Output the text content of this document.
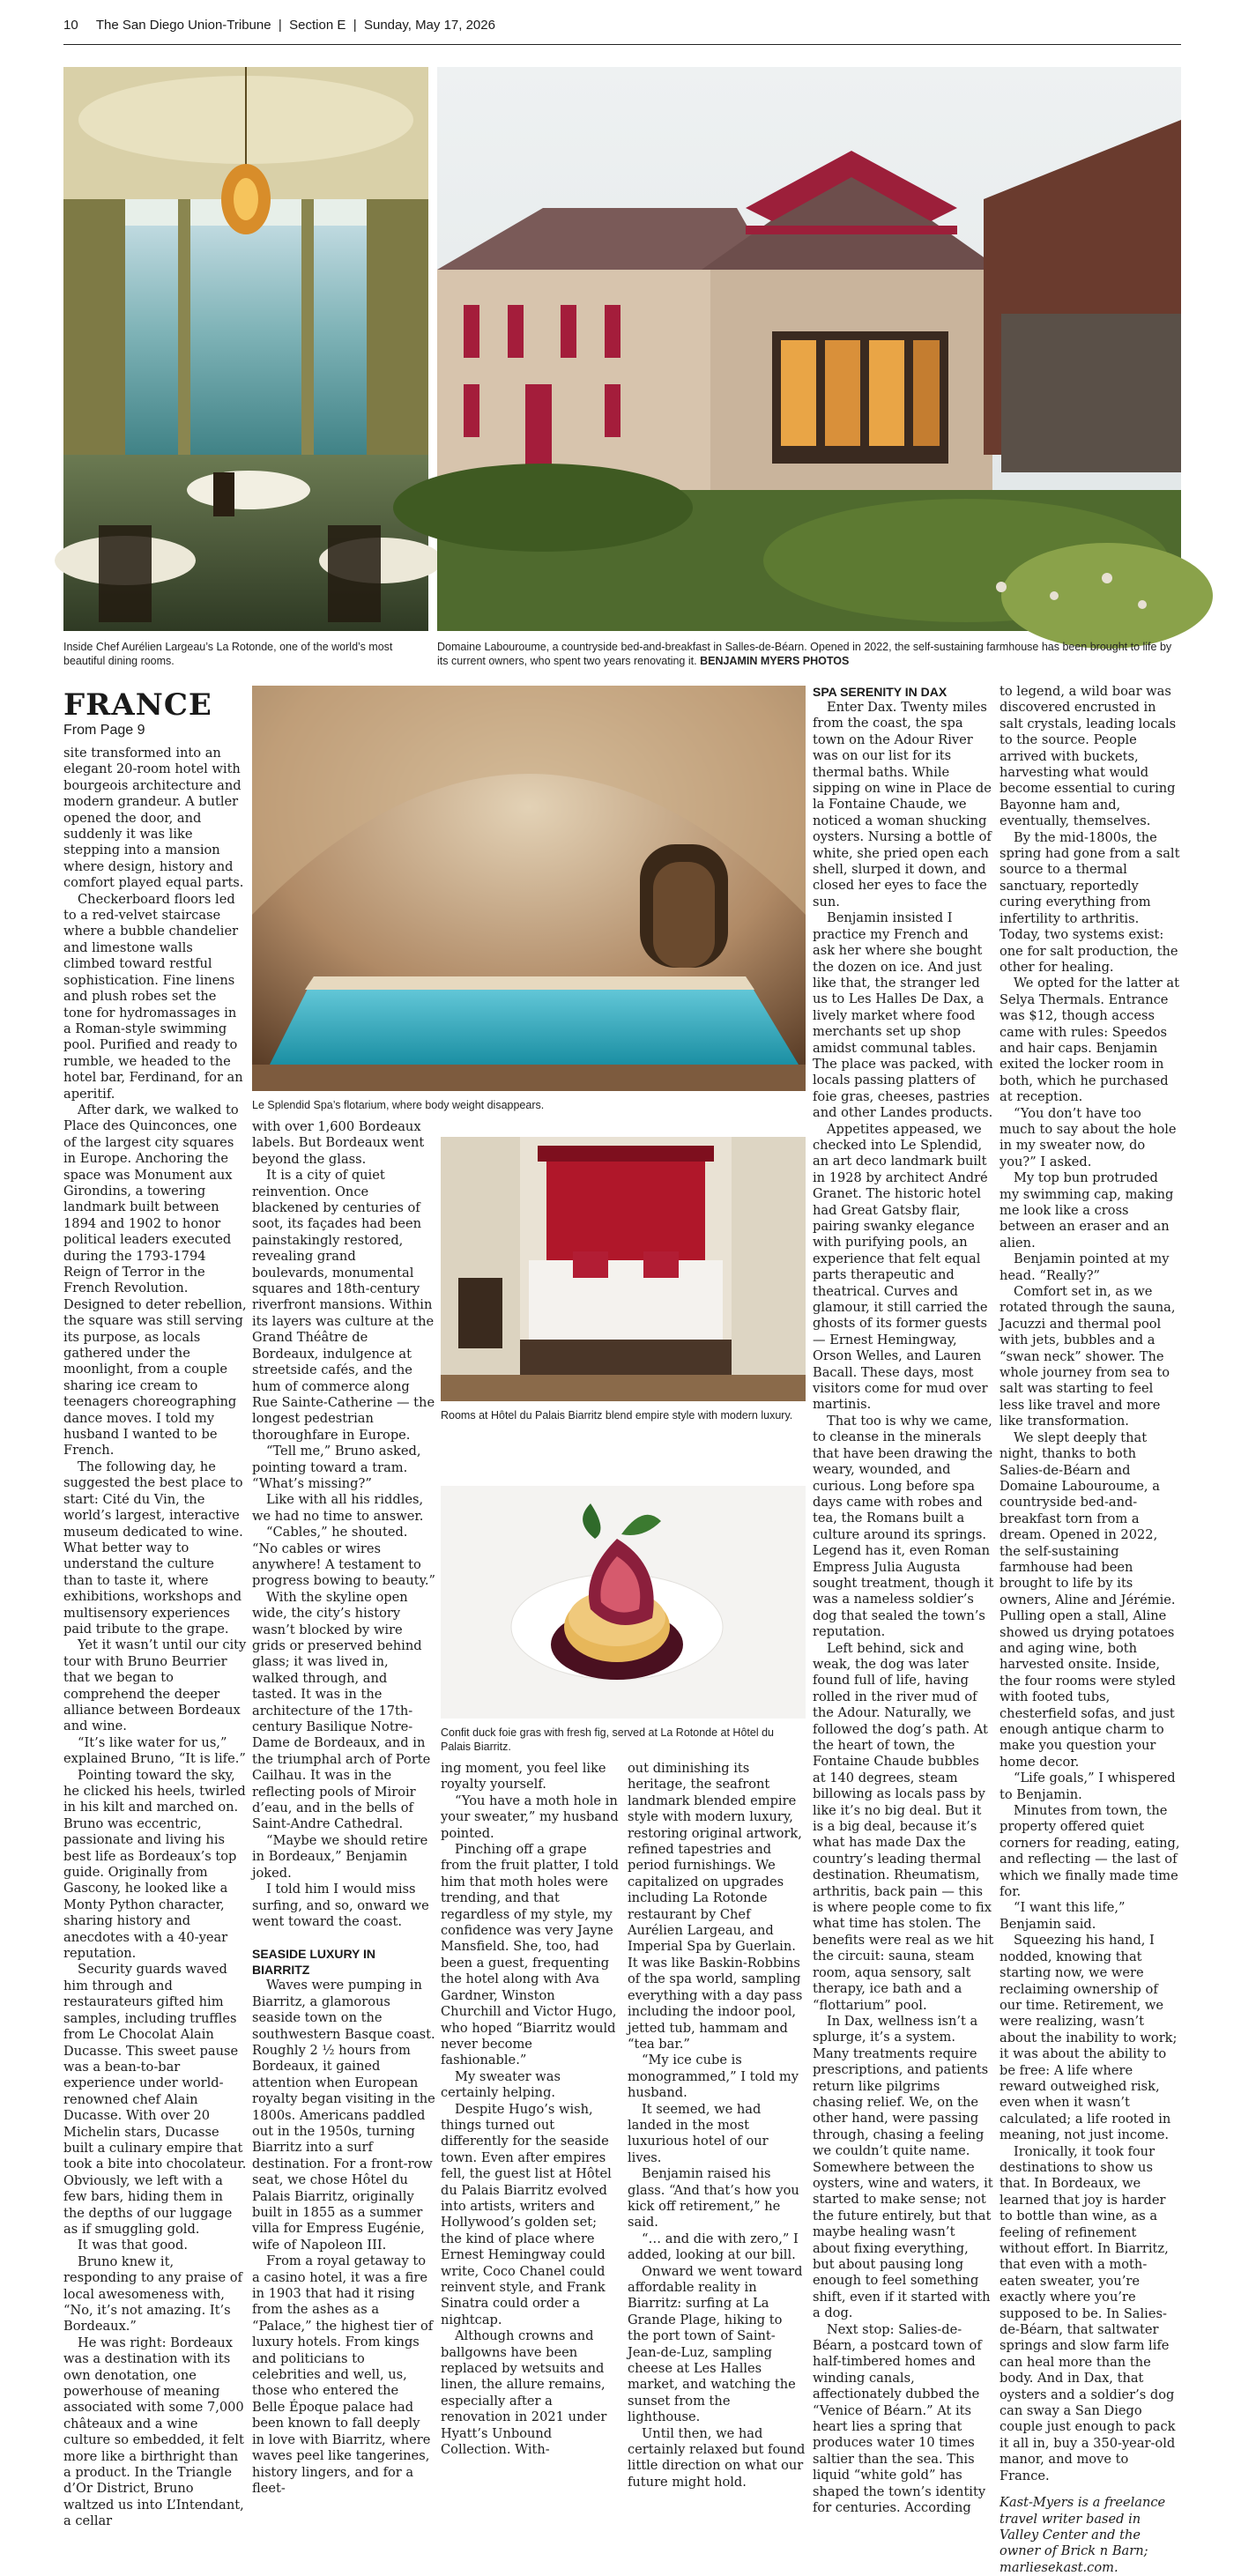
10 The San Diego Union-Tribune  |  Section E  |  Sunday, May 17, 2026
Inside Chef Aurélien Largeau’s La Rotonde, one of the world’s most beautiful dining rooms.
Domaine Labouroume, a countryside bed-and-breakfast in Salles-de-Béarn. Opened in 2022, the self-sustaining farmhouse has been brought to life by its current owners, who spent two years renovating it. BENJAMIN MYERS PHOTOS
FRANCE
From Page 9

site transformed into an elegant 20-room hotel with bourgeois architecture and modern grandeur. A butler opened the door, and suddenly it was like stepping into a mansion where design, history and comfort played equal parts.

Checkerboard floors led to a red-velvet staircase where a bubble chandelier and limestone walls climbed toward restful sophistication. Fine linens and plush robes set the tone for hydromassages in a Roman-style swimming pool. Purified and ready to rumble, we headed to the hotel bar, Ferdinand, for an aperitif.

After dark, we walked to Place des Quinconces, one of the largest city squares in Europe. Anchoring the space was Monument aux Girondins, a towering landmark built between 1894 and 1902 to honor political leaders executed during the 1793-1794 Reign of Terror in the French Revolution. Designed to deter rebellion, the square was still serving its purpose, as locals gathered under the moonlight, from a couple sharing ice cream to teenagers choreographing dance moves. I told my husband I wanted to be French.

The following day, he suggested the best place to start: Cité du Vin, the world’s largest, interactive museum dedicated to wine. What better way to understand the culture than to taste it, where exhibitions, workshops and multisensory experiences paid tribute to the grape.

Yet it wasn’t until our city tour with Bruno Beurrier that we began to comprehend the deeper alliance between Bordeaux and wine.

“It’s like water for us,” explained Bruno, “It is life.”

Pointing toward the sky, he clicked his heels, twirled in his kilt and marched on. Bruno was eccentric, passionate and living his best life as Bordeaux’s top guide. Originally from Gascony, he looked like a Monty Python character, sharing history and anecdotes with a 40-year reputation.

Security guards waved him through and restaurateurs gifted him samples, including truffles from Le Chocolat Alain Ducasse. This sweet pause was a bean-to-bar experience under world-renowned chef Alain Ducasse. With over 20 Michelin stars, Ducasse built a culinary empire that took a bite into chocolateur. Obviously, we left with a few bars, hiding them in the depths of our luggage as if smuggling gold.

It was that good.

Bruno knew it, responding to any praise of local awesomeness with, “No, it’s not amazing. It’s Bordeaux.”

He was right: Bordeaux was a destination with its own denotation, one powerhouse of meaning associated with some 7,000 châteaux and a wine culture so embedded, it felt more like a birthright than a product. In the Triangle d’Or District, Bruno waltzed us into L’Intendant, a cellar

Le Splendid Spa’s flotarium, where body weight disappears.

with over 1,600 Bordeaux labels. But Bordeaux went beyond the glass.

It is a city of quiet reinvention. Once blackened by centuries of soot, its façades had been painstakingly restored, revealing grand boulevards, monumental squares and 18th-century riverfront mansions. Within its layers was culture at the Grand Théâtre de Bordeaux, indulgence at streetside cafés, and the hum of commerce along Rue Sainte-Catherine — the longest pedestrian thoroughfare in Europe.

“Tell me,” Bruno asked, pointing toward a tram. “What’s missing?”

Like with all his riddles, we had no time to answer.

“Cables,” he shouted. “No cables or wires anywhere! A testament to progress bowing to beauty.”

With the skyline open wide, the city’s history wasn’t blocked by wire grids or preserved behind glass; it was lived in, walked through, and tasted. It was in the architecture of the 17th-century Basilique Notre-Dame de Bordeaux, and in the triumphal arch of Porte Cailhau. It was in the reflecting pools of Miroir d’eau, and in the bells of Saint-Andre Cathedral.

“Maybe we should retire in Bordeaux,” Benjamin joked.

I told him I would miss surfing, and so, onward we went toward the coast.

SEASIDE LUXURY IN BIARRITZ

Waves were pumping in Biarritz, a glamorous seaside town on the southwestern Basque coast. Roughly 2 ½ hours from Bordeaux, it gained attention when European royalty began visiting in the 1800s. Americans paddled out in the 1950s, turning Biarritz into a surf destination. For a front-row seat, we chose Hôtel du Palais Biarritz, originally built in 1855 as a summer villa for Empress Eugénie, wife of Napoleon III.

From a royal getaway to a casino hotel, it was a fire in 1903 that had it rising from the ashes as a “Palace,” the highest tier of luxury hotels. From kings and politicians to celebrities and well, us, those who entered the Belle Époque palace had been known to fall deeply in love with Biarritz, where waves peel like tangerines, history lingers, and for a fleet-

Rooms at Hôtel du Palais Biarritz blend empire style with modern luxury.
Confit duck foie gras with fresh fig, served at La Rotonde at Hôtel du Palais Biarritz.

ing moment, you feel like royalty yourself.

“You have a moth hole in your sweater,” my husband pointed.

Pinching off a grape from the fruit platter, I told him that moth holes were trending, and that regardless of my style, my confidence was very Jayne Mansfield. She, too, had been a guest, frequenting the hotel along with Ava Gardner, Winston Churchill and Victor Hugo, who hoped “Biarritz would never become fashionable.”

My sweater was certainly helping.

Despite Hugo’s wish, things turned out differently for the seaside town. Even after empires fell, the guest list at Hôtel du Palais Biarritz evolved into artists, writers and Hollywood’s golden set; the kind of place where Ernest Hemingway could write, Coco Chanel could reinvent style, and Frank Sinatra could order a nightcap.

Although crowns and ballgowns have been replaced by wetsuits and linen, the allure remains, especially after a renovation in 2021 under Hyatt’s Unbound Collection. With-

out diminishing its heritage, the seafront landmark blended empire style with modern luxury, restoring original artwork, refined tapestries and period furnishings. We capitalized on upgrades including La Rotonde restaurant by Chef Aurélien Largeau, and Imperial Spa by Guerlain. It was like Baskin-Robbins of the spa world, sampling everything with a day pass including the indoor pool, jetted tub, hammam and “tea bar.”

“My ice cube is monogrammed,” I told my husband.

It seemed, we had landed in the most luxurious hotel of our lives.

Benjamin raised his glass. “And that’s how you kick off retirement,” he said.

“… and die with zero,” I added, looking at our bill.

Onward we went toward affordable reality in Biarritz: surfing at La Grande Plage, hiking to the port town of Saint-Jean-de-Luz, sampling cheese at Les Halles market, and watching the sunset from the lighthouse.

Until then, we had certainly relaxed but found little direction on what our future might hold.

SPA SERENITY IN DAX

Enter Dax. Twenty miles from the coast, the spa town on the Adour River was on our list for its thermal baths. While sipping on wine in Place de la Fontaine Chaude, we noticed a woman shucking oysters. Nursing a bottle of white, she pried open each shell, slurped it down, and closed her eyes to face the sun.

Benjamin insisted I practice my French and ask her where she bought the dozen on ice. And just like that, the stranger led us to Les Halles De Dax, a lively market where food merchants set up shop amidst communal tables. The place was packed, with locals passing platters of foie gras, cheeses, pastries and other Landes products.

Appetites appeased, we checked into Le Splendid, an art deco landmark built in 1928 by architect André Granet. The historic hotel had Great Gatsby flair, pairing swanky elegance with purifying pools, an experience that felt equal parts therapeutic and theatrical. Curves and glamour, it still carried the ghosts of its former guests — Ernest Hemingway, Orson Welles, and Lauren Bacall. These days, most visitors come for mud over martinis.

That too is why we came, to cleanse in the minerals that have been drawing the weary, wounded, and curious. Long before spa days came with robes and tea, the Romans built a culture around its springs. Legend has it, even Roman Empress Julia Augusta sought treatment, though it was a nameless soldier’s dog that sealed the town’s reputation.

Left behind, sick and weak, the dog was later found full of life, having rolled in the river mud of the Adour. Naturally, we followed the dog’s path. At the heart of town, the Fontaine Chaude bubbles at 140 degrees, steam billowing as locals pass by like it’s no big deal. But it is a big deal, because it’s what has made Dax the country’s leading thermal destination. Rheumatism, arthritis, back pain — this is where people come to fix what time has stolen. The benefits were real as we hit the circuit: sauna, steam room, aqua sensory, salt therapy, ice bath and a “flottarium” pool.

In Dax, wellness isn’t a splurge, it’s a system. Many treatments require prescriptions, and patients return like pilgrims chasing relief. We, on the other hand, were passing through, chasing a feeling we couldn’t quite name. Somewhere between the oysters, wine and waters, it started to make sense; not the future entirely, but that maybe healing wasn’t about fixing everything, but about pausing long enough to feel something shift, even if it started with a dog.

Next stop: Salies-de-Béarn, a postcard town of half-timbered homes and winding canals, affectionately dubbed the “Venice of Béarn.” At its heart lies a spring that produces water 10 times saltier than the sea. This liquid “white gold” has shaped the town’s identity for centuries. According

to legend, a wild boar was discovered encrusted in salt crystals, leading locals to the source. People arrived with buckets, harvesting what would become essential to curing Bayonne ham and, eventually, themselves.

By the mid-1800s, the spring had gone from a salt source to a thermal sanctuary, reportedly curing everything from infertility to arthritis. Today, two systems exist: one for salt production, the other for healing.

We opted for the latter at Selya Thermals. Entrance was $12, though access came with rules: Speedos and hair caps. Benjamin exited the locker room in both, which he purchased at reception.

“You don’t have too much to say about the hole in my sweater now, do you?” I asked.

My top bun protruded my swimming cap, making me look like a cross between an eraser and an alien.

Benjamin pointed at my head. “Really?”

Comfort set in, as we rotated through the sauna, Jacuzzi and thermal pool with jets, bubbles and a “swan neck” shower. The whole journey from sea to salt was starting to feel less like travel and more like transformation.

We slept deeply that night, thanks to both Salies-de-Béarn and Domaine Labouroume, a countryside bed-and-breakfast torn from a dream. Opened in 2022, the self-sustaining farmhouse had been brought to life by its owners, Aline and Jérémie. Pulling open a stall, Aline showed us drying potatoes and aging wine, both harvested onsite. Inside, the four rooms were styled with footed tubs, chesterfield sofas, and just enough antique charm to make you question your home decor.

“Life goals,” I whispered to Benjamin.

Minutes from town, the property offered quiet corners for reading, eating, and reflecting — the last of which we finally made time for.

“I want this life,” Benjamin said.

Squeezing his hand, I nodded, knowing that starting now, we were reclaiming ownership of our time. Retirement, we were realizing, wasn’t about the inability to work; it was about the ability to be free: A life where reward outweighed risk, even when it wasn’t calculated; a life rooted in meaning, not just income.

Ironically, it took four destinations to show us that. In Bordeaux, we learned that joy is harder to bottle than wine, as a feeling of refinement without effort. In Biarritz, that even with a moth-eaten sweater, you’re exactly where you’re supposed to be. In Salies-de-Béarn, that saltwater springs and slow farm life can heal more than the body. And in Dax, that oysters and a soldier’s dog can sway a San Diego couple just enough to pack it all in, buy a 350-year-old manor, and move to France.

Kast-Myers is a freelance travel writer based in Valley Center and the owner of Brick n Barn; marliesekast.com.
